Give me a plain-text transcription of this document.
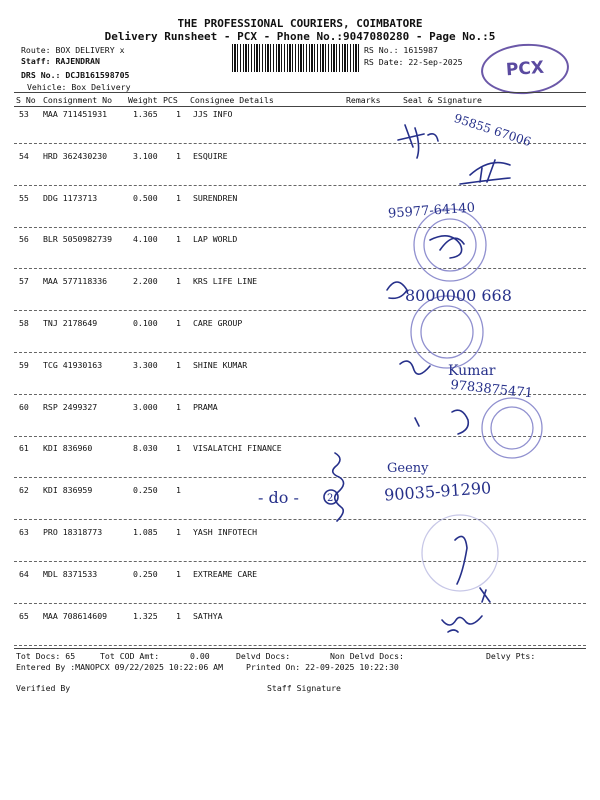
THE PROFESSIONAL COURIERS, COIMBATORE
Delivery Runsheet - PCX - Phone No.:9047080280 - Page No.:5
Route: BOX DELIVERY x
Staff: RAJENDRAN
DRS No.: DCJB161598705
Vehicle: Box Delivery
RS No.: 1615987
RS Date: 22-Sep-2025	PCX
S No Consignment No Weight PCS Consignee Details	Remarks	Seal & Signature
53 MAA 711451931	1.365 1 JJS INFO
54 HRD 362430230	3.100 1 ESQUIRE
55 DDG 1173713	0.500 1 SURENDREN
56 BLR 5050982739	4.100 1 LAP WORLD
57 MAA 577118336	2.200 1 KRS LIFE LINE
58 TNJ 2178649	0.100 1 CARE GROUP
59 TCG 41930163	3.300 1 SHINE KUMAR
60 RSP 2499327	3.000 1 PRAMA
61 KDI 836960	8.030 1 VISALATCHI FINANCE
62 KDI 836959	0.250 1
63 PRO 18318773	1.085 1 YASH INFOTECH
64 MDL 8371533	0.250 1 EXTREAME CARE
65 MAA 708614609	1.325 1 SATHYA
95855 67006
95977-64140
8000000 668
Kumar
9783875471
Geeny
90035-91290
- do -	2
Tot Docs: 65	Tot COD Amt:	0.00	Delvd Docs:	Non Delvd Docs:	Delvy Pts:
Entered By :MANOPCX 09/22/2025 10:22:06 AM	Printed On: 22-09-2025 10:22:30
Verified By	Staff Signature
